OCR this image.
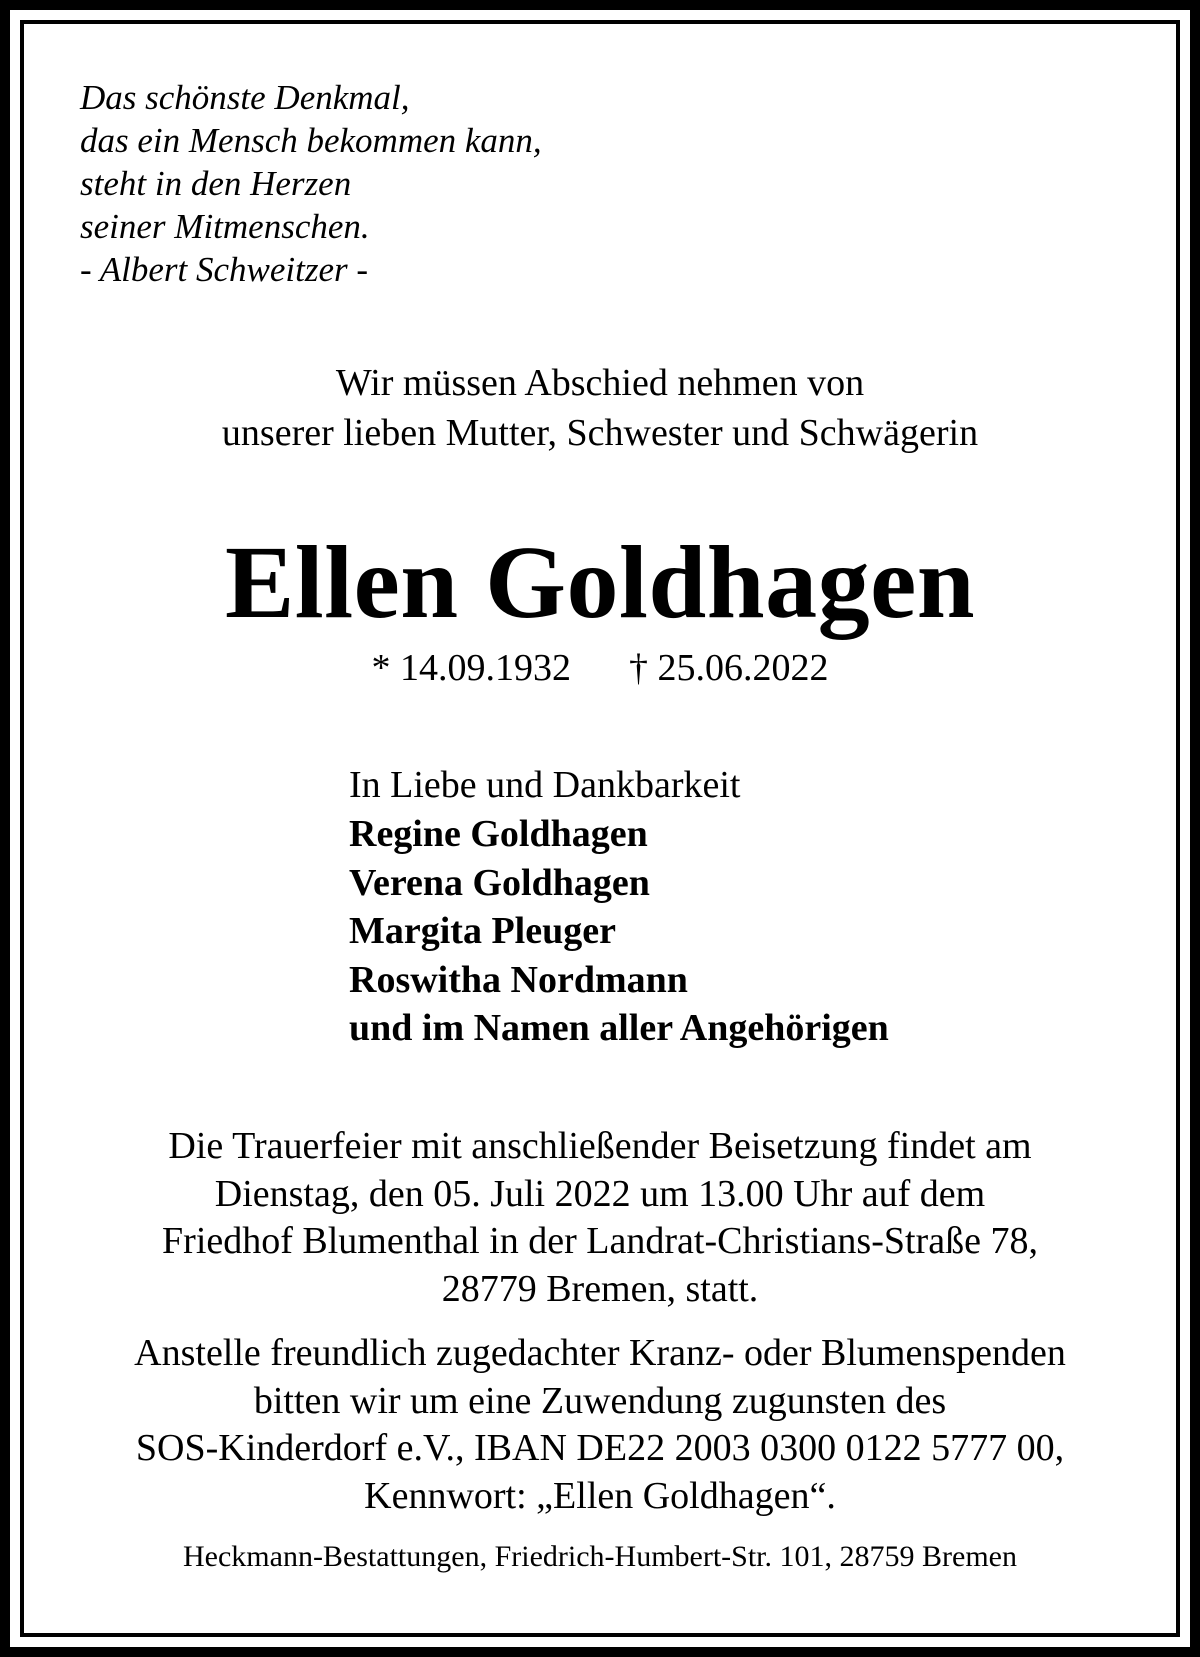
Das schönste Denkmal,
das ein Mensch bekommen kann,
steht in den Herzen
seiner Mitmenschen.
- Albert Schweitzer -
Wir müssen Abschied nehmen von
unserer lieben Mutter, Schwester und Schwägerin
Ellen Goldhagen
* 14.09.1932 † 25.06.2022
In Liebe und Dankbarkeit
Regine Goldhagen
Verena Goldhagen
Margita Pleuger
Roswitha Nordmann
und im Namen aller Angehörigen
Die Trauerfeier mit anschließender Beisetzung findet am
Dienstag, den 05. Juli 2022 um 13.00 Uhr auf dem
Friedhof Blumenthal in der Landrat-Christians-Straße 78,
28779 Bremen, statt.
Anstelle freundlich zugedachter Kranz- oder Blumenspenden
bitten wir um eine Zuwendung zugunsten des
SOS-Kinderdorf e.V., IBAN DE22 2003 0300 0122 5777 00,
Kennwort: „Ellen Goldhagen“.
Heckmann-Bestattungen, Friedrich-Humbert-Str. 101, 28759 Bremen
